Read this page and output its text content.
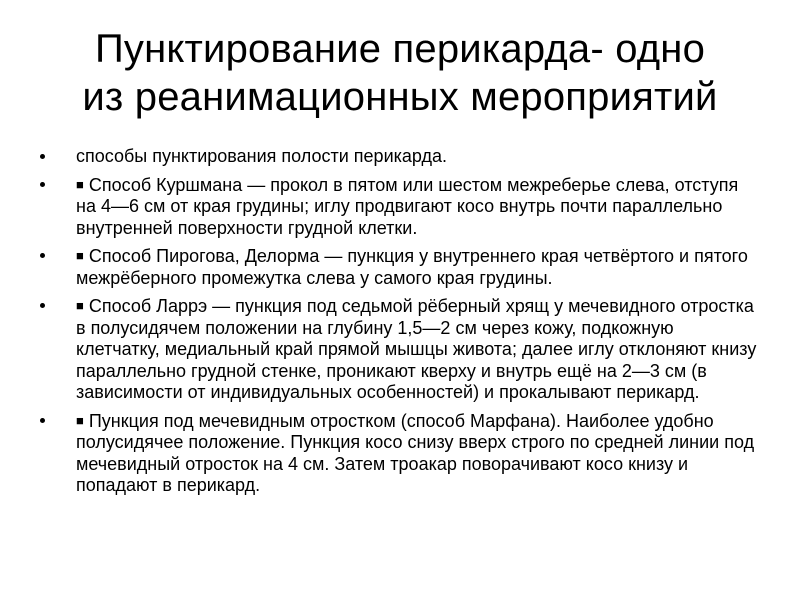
Пунктирование перикарда- одно
из реанимационных мероприятий
способы пунктирования полости перикарда.
■ Способ Куршмана — прокол в пятом или шестом межреберье слева, отступя на 4—6 см от края грудины; иглу продвигают косо внутрь почти параллельно внутренней поверхности грудной клетки.
■ Способ Пирогова, Делорма — пункция у внутреннего края четвёртого и пятого межрёберного промежутка слева у самого края грудины.
■ Способ Ларрэ — пункция под седьмой рёберный хрящ у мечевидного отростка в полусидячем положении на глубину 1,5—2 см через кожу, подкожную клетчатку, медиальный край прямой мышцы живота; далее иглу отклоняют книзу параллельно грудной стенке, проникают кверху и внутрь ещё на 2—3 см (в зависимости от индивидуальных особенностей) и прокалывают перикард.
■ Пункция под мечевидным отростком (способ Марфана). Наиболее удобно полусидячее положение. Пункция косо снизу вверх строго по средней линии под мечевидный отросток на 4 см. Затем троакар поворачивают косо книзу и попадают в перикард.
